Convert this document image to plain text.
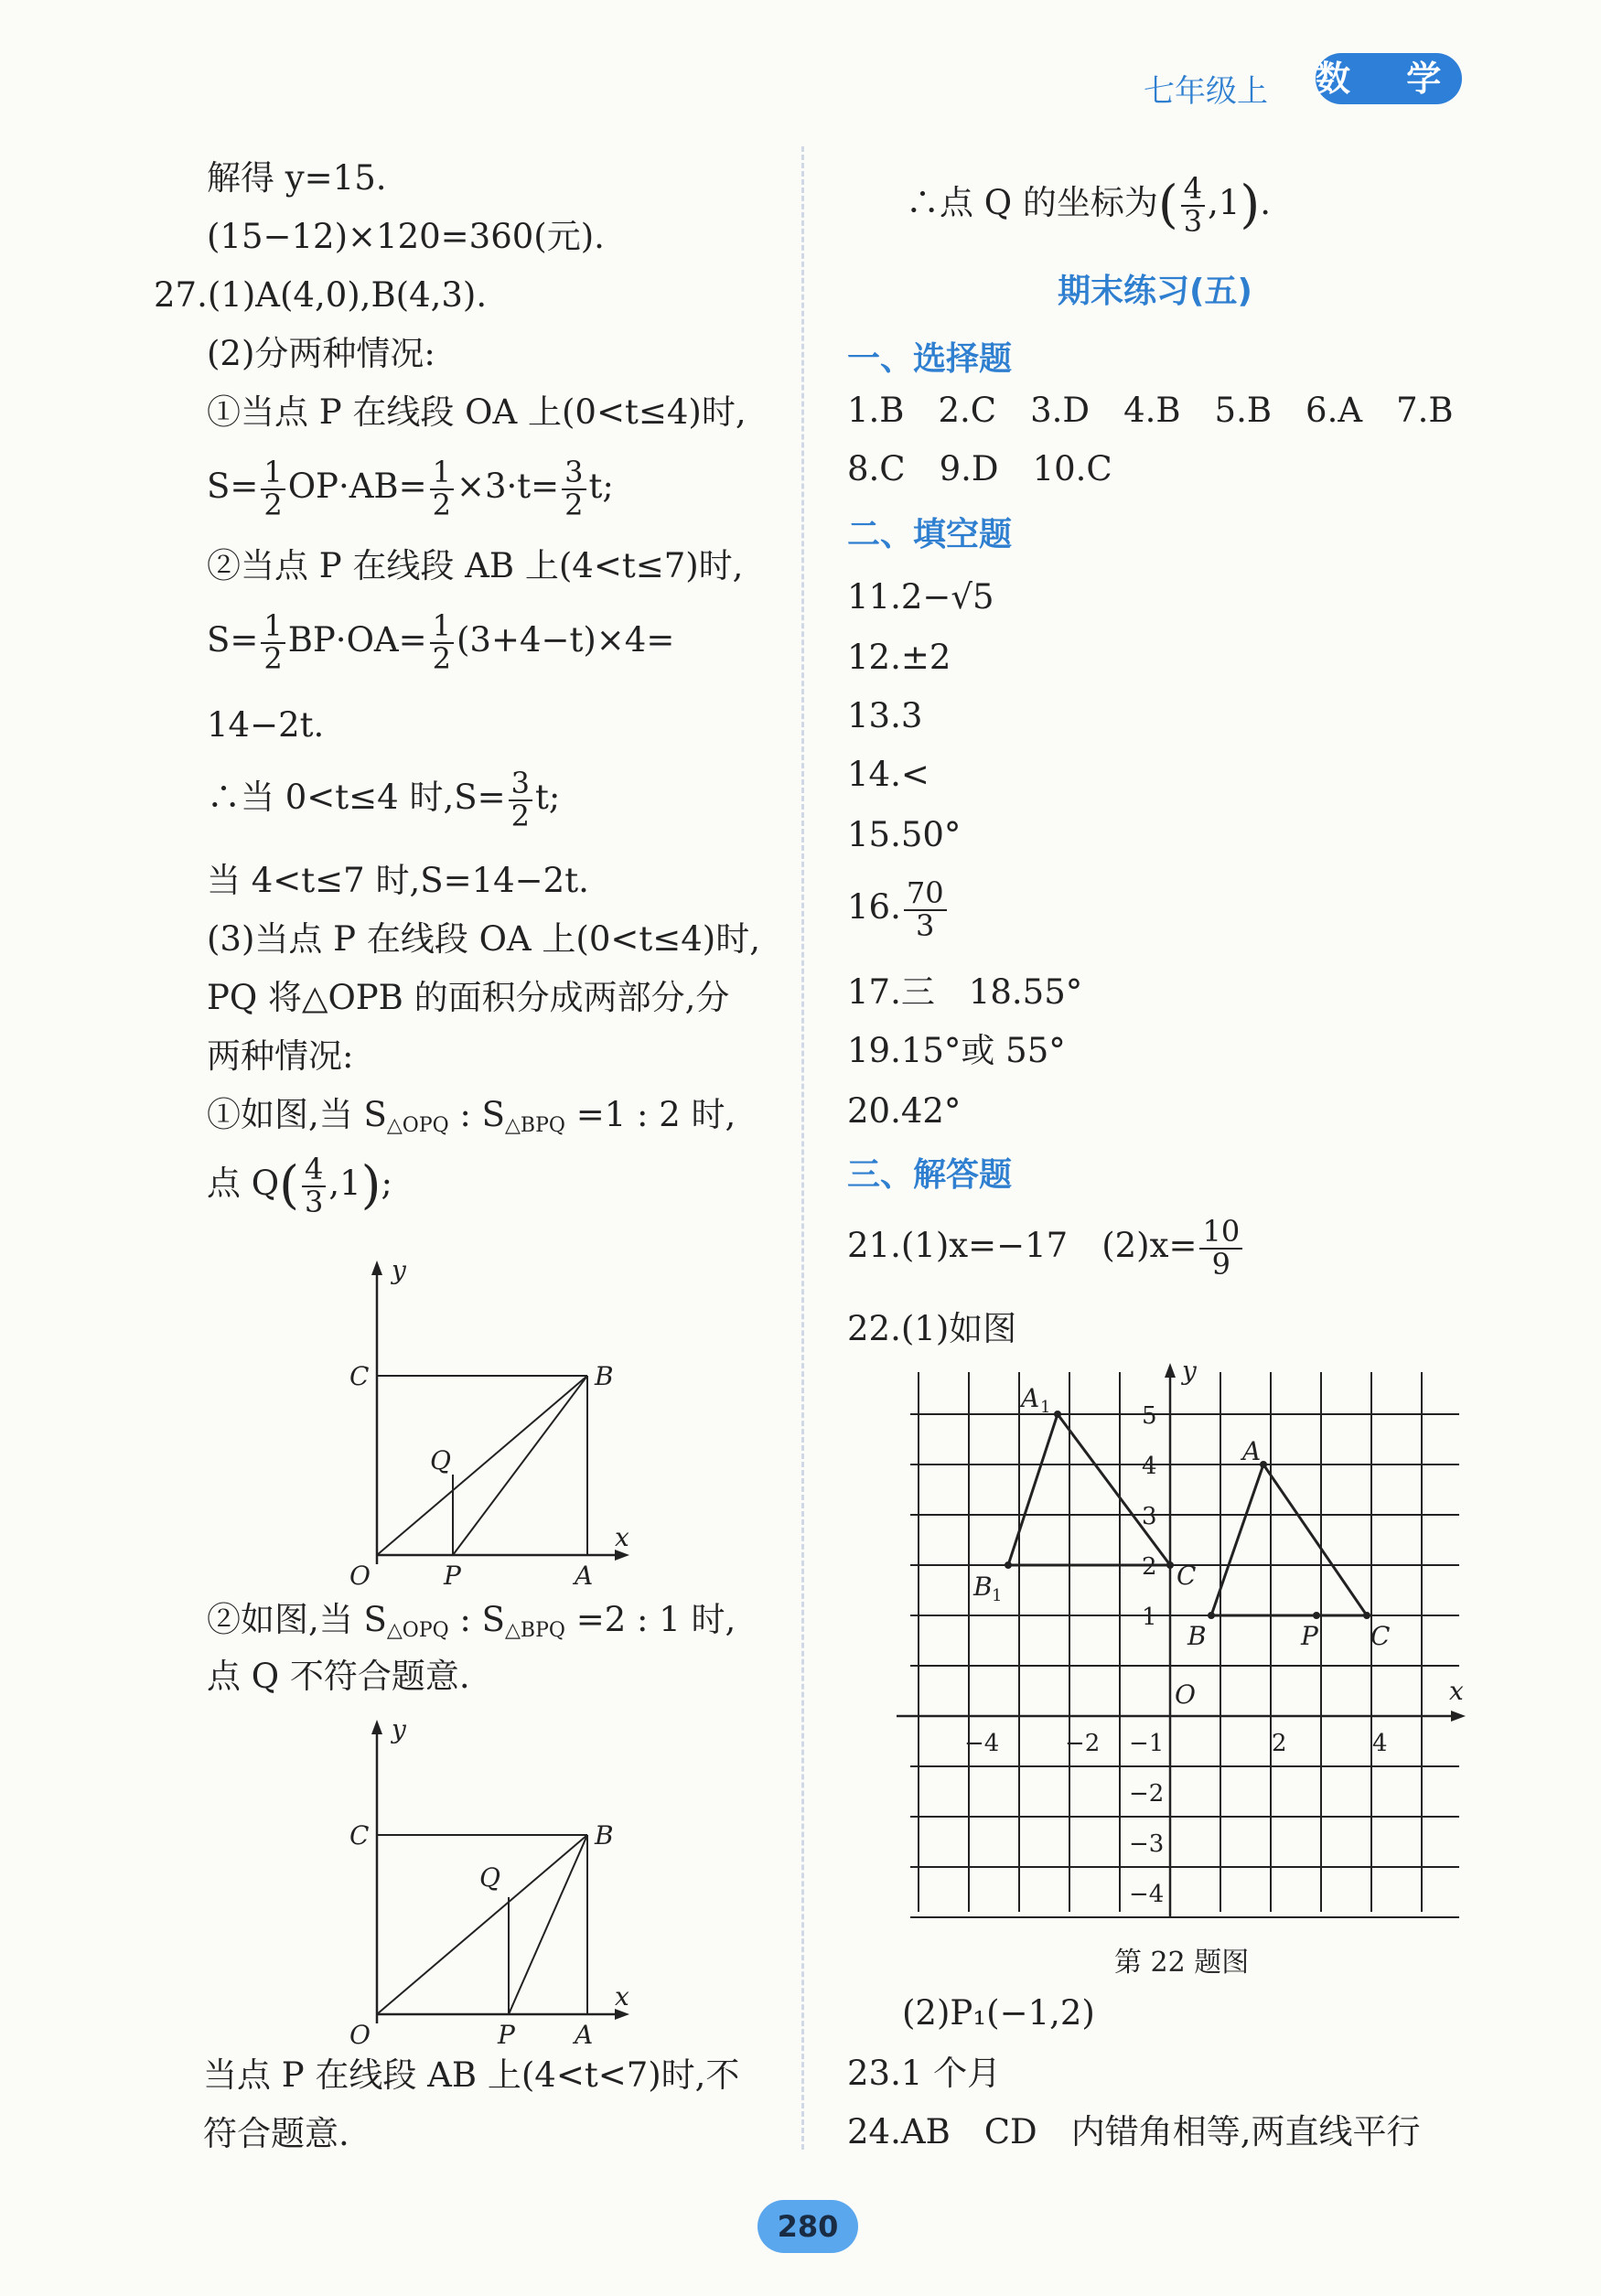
七年级上 数 学
解得 y=15.
(15−12)×120=360(元).
27.(1)A(4,0),B(4,3).
(2)分两种情况:
①当点 P 在线段 OA 上(0<t≤4)时,
$S= \frac{1}{2} OP\cdot AB= \frac{1}{2} \times 3\cdot t= \frac{3}{2} t$;
②当点 P 在线段 AB 上(4<t≤7)时,
$S= \frac{1}{2} BP\cdot OA= \frac{1}{2} (3+4-t)\times 4=$
14−2t.
∴当 0<t≤4 时$,S= \frac{3}{2} t$;
当 4<t≤7 时,S=14−2t.
(3)当点 P 在线段 OA 上(0<t≤4)时,
PQ 将△OPB 的面积分成两部分,分
两种情况:
①如图,当 $S_{\triangle OPQ}$ : $S_{\triangle BPQ} =1$ : 2 时,
点 $Q( \frac{4}{3} ,1)$;
y
x
C	B
Q
O	P	A
②如图,当 $S_{\triangle OPQ}$ : $S_{\triangle BPQ} =2$ : 1 时,
点 Q 不符合题意.
y
x
C	B
Q
O	P A
当点 P 在线段 AB 上(4<t<7)时,不
符合题意.
∴点 Q 的坐标为( $\frac{4}{3} ,1$).
期末练习(五)
一、选择题
1.B　2.C　3.D　4.B　5.B　6.A　7.B
8.C　9.D　10.C
二、填空题
11.2−√5
12.±2
13.3
14.<
15.50°
16. $\frac{70}{3}$
17.三　18.55°
19.15°或 55°
20.42°
三、解答题
21.(1)x=−17　$(2)x= \frac{10}{9}$
22.(1)如图
y
x
O
A 1
B 1
C
A
B	P C
5
4
3
2
1
−1
−2
−3
−4
−4	−2	2	4
第 22 题图
(2)P₁(−1,2)
23.1 个月
24.AB　CD　内错角相等,两直线平行
280
